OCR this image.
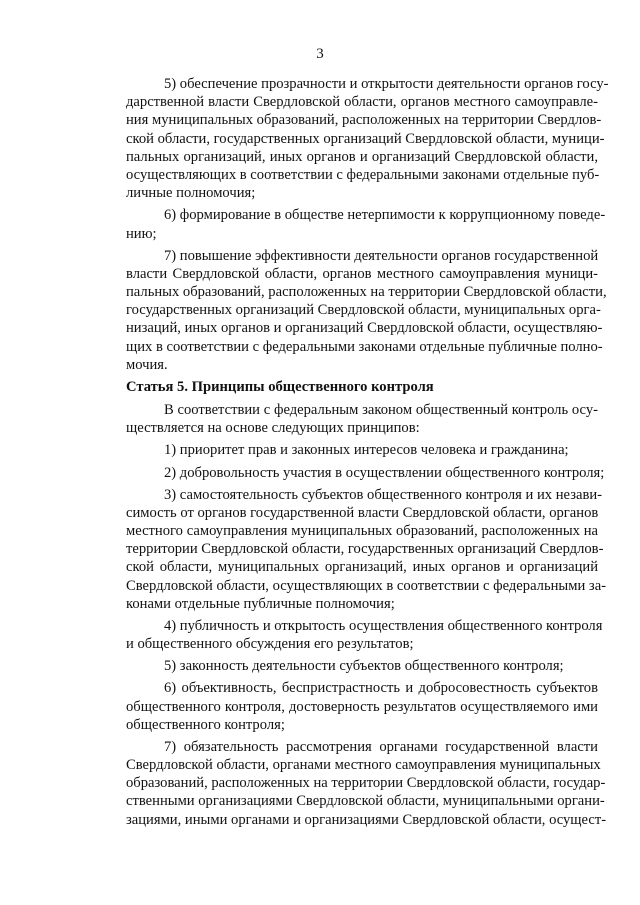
3

5) обеспечение прозрачности и открытости деятельности органов госу-
дарственной власти Свердловской области, органов местного самоуправле-
ния муниципальных образований, расположенных на территории Свердлов-
ской области, государственных организаций Свердловской области, муници-
пальных организаций, иных органов и организаций Свердловской области,
осуществляющих в соответствии с федеральными законами отдельные пуб-
личные полномочия;

6) формирование в обществе нетерпимости к коррупционному поведе-
нию;

7) повышение эффективности деятельности органов государственной
власти Свердловской области, органов местного самоуправления муници-
пальных образований, расположенных на территории Свердловской области,
государственных организаций Свердловской области, муниципальных орга-
низаций, иных органов и организаций Свердловской области, осуществляю-
щих в соответствии с федеральными законами отдельные публичные полно-
мочия.

Статья 5. Принципы общественного контроля

В соответствии с федеральным законом общественный контроль осу-
ществляется на основе следующих принципов:

1) приоритет прав и законных интересов человека и гражданина;

2) добровольность участия в осуществлении общественного контроля;

3) самостоятельность субъектов общественного контроля и их незави-
симость от органов государственной власти Свердловской области, органов
местного самоуправления муниципальных образований, расположенных на
территории Свердловской области, государственных организаций Свердлов-
ской области, муниципальных организаций, иных органов и организаций
Свердловской области, осуществляющих в соответствии с федеральными за-
конами отдельные публичные полномочия;

4) публичность и открытость осуществления общественного контроля
и общественного обсуждения его результатов;

5) законность деятельности субъектов общественного контроля;

6) объективность, беспристрастность и добросовестность субъектов
общественного контроля, достоверность результатов осуществляемого ими
общественного контроля;

7) обязательность рассмотрения органами государственной власти
Свердловской области, органами местного самоуправления муниципальных
образований, расположенных на территории Свердловской области, государ-
ственными организациями Свердловской области, муниципальными органи-
зациями, иными органами и организациями Свердловской области, осущест-
